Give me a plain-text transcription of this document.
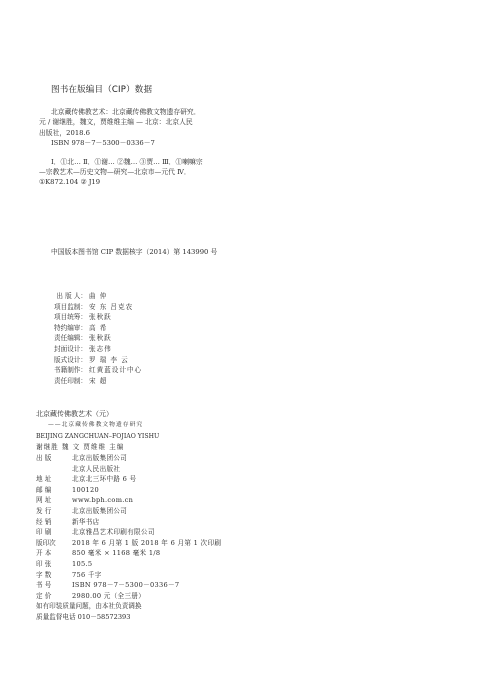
图书在版编目（CIP）数据
北京藏传佛教艺术：北京藏传佛教文物遗存研究．
元 / 谢继胜，魏文，贾维维主编 — 北京：北京人民
出版社，2018.6
ISBN 978－7－5300－0336－7
Ⅰ．①北… Ⅱ．①谢… ②魏… ③贾… Ⅲ．①喇嘛宗
—宗教艺术—历史文物—研究—北京市—元代 Ⅳ．
①K872.104 ② J19
中国版本图书馆 CIP 数据核字（2014）第 143990 号
出 版 人： 曲 仲
项目监制： 安 东 吕克农
项目统筹： 张秋跃
特约编审： 高 希
责任编辑： 张秋跃
封面设计： 张志伟
版式设计： 罗 瑞 李 云
书籍制作： 红黄蓝设计中心
责任印制： 宋 超
北京藏传佛教艺术（元）
——北京藏传佛教文物遗存研究
BEIJING ZANGCHUAN–FOJIAO YISHU
谢继胜 魏 文 贾维维 主编
出 版	北京出版集团公司
北京人民出版社
地 址	北京北三环中路 6 号
邮 编	100120
网 址	www.bph.com.cn
发 行	北京出版集团公司
经 销	新华书店
印 刷	北京雅昌艺术印刷有限公司
版印次	2018 年 6 月第 1 版 2018 年 6 月第 1 次印刷
开 本	850 毫米 × 1168 毫米 1/8
印 张	105.5
字 数	756 千字
书 号	ISBN 978－7－5300－0336－7
定 价	2980.00 元（全三册）
如有印装质量问题，由本社负责调换
质量监督电话 010－58572393
